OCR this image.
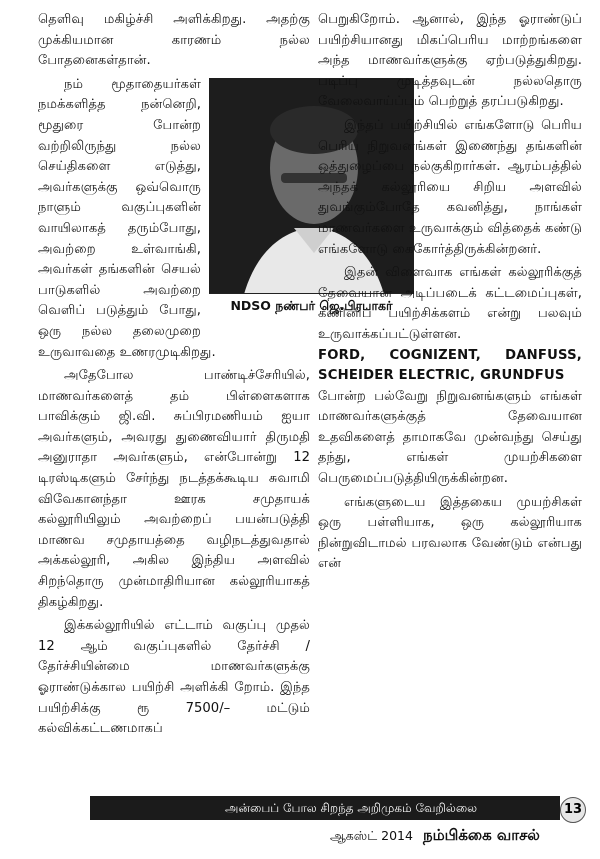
தெளிவு மகிழ்ச்சி அளிக்கிறது. அதற்கு முக்கியமான காரணம் நல்ல போதனைகள்தான்.

NDSO நண்பர் ஜெ.பிரபாகர்

நம் மூதாதையர்கள் நமக்களித்த நன்னெறி, மூதுரை போன்ற வற்றிலிருந்து நல்ல செய்திகளை எடுத்து, அவர்களுக்கு ஒவ்வொரு நாளும் வகுப்புகளின் வாயிலாகத் தரும்போது, அவற்றை உள்வாங்கி, அவர்கள் தங்களின் செயல் பாடுகளில் அவற்றை வெளிப் படுத்தும் போது, ஒரு நல்ல தலைமுறை உருவாவதை உணரமுடிகிறது.

அதேபோல பாண்டிச்சேரியில், மாணவர்களைத் தம் பிள்ளைகளாக பாவிக்கும் ஜி.வி. சுப்பிரமணியம் ஐயா அவர்களும், அவரது துணைவியார் திருமதி அனுராதா அவர்களும், என்போன்று 12 டிரஸ்டிகளும் சேர்ந்து நடத்தக்கூடிய சுவாமி விவேகானந்தா ஊரக சமுதாயக் கல்லூரியிலும் அவற்றைப் பயன்படுத்தி மாணவ சமுதாயத்தை வழிநடத்துவதால் அக்கல்லூரி, அகில இந்திய அளவில் சிறந்தொரு முன்மாதிரியான கல்லூரியாகத் திகழ்கிறது.

இக்கல்லூரியில் எட்டாம் வகுப்பு முதல் 12 ஆம் வகுப்புகளில் தேர்ச்சி / தேர்ச்சியின்மை மாணவர்களுக்கு ஓராண்டுக்கால பயிற்சி அளிக்கி றோம். இந்த பயிற்சிக்கு ரூ 7500/– மட்டும் கல்விக்கட்டணமாகப்

பெறுகிறோம். ஆனால், இந்த ஓராண்டுப் பயிற்சியானது மிகப்பெரிய மாற்றங்களை அந்த மாணவர்களுக்கு ஏற்படுத்துகிறது. படிப்பு முடித்தவுடன் நல்லதொரு வேலைவாய்ப்பும் பெற்றுத் தரப்படுகிறது.

இந்தப் பயிற்சியில் எங்களோடு பெரிய பெரிய நிறுவனங்கள் இணைந்து தங்களின் ஒத்துழைப்பை நல்குகிறார்கள். ஆரம்பத்தில் அந்தக் கல்லூரியை சிறிய அளவில் துவங்கும்போதே கவனித்து, நாங்கள் மாணவர்களை உருவாக்கும் வித்தைக் கண்டு எங்களோடு கைகோர்த்திருக்கின்றனர்.

இதன் விளைவாக எங்கள் கல்லூரிக்குத் தேவையான அடிப்படைக் கட்டமைப்புகள், கணினிப் பயிற்சிக்களம் என்று பலவும் உருவாக்கப்பட்டுள்ளன.

FORD, COGNIZENT, DANFUSS, SCHEIDER ELECTRIC, GRUNDFUS

போன்ற பல்வேறு நிறுவனங்களும் எங்கள் மாணவர்களுக்குத் தேவையான உதவிகளைத் தாமாகவே முன்வந்து செய்து தந்து, எங்கள் முயற்சிகளை பெருமைப்படுத்தியிருக்கின்றன.

எங்களுடைய இத்தகைய முயற்சிகள் ஒரு பள்ளியாக, ஒரு கல்லூரியாக நின்றுவிடாமல் பரவலாக வேண்டும் என்பது என்

அன்பைப் போல சிறந்த அறிமுகம் வேறில்லை	13
ஆகஸ்ட் 2014 நம்பிக்கை வாசல்
